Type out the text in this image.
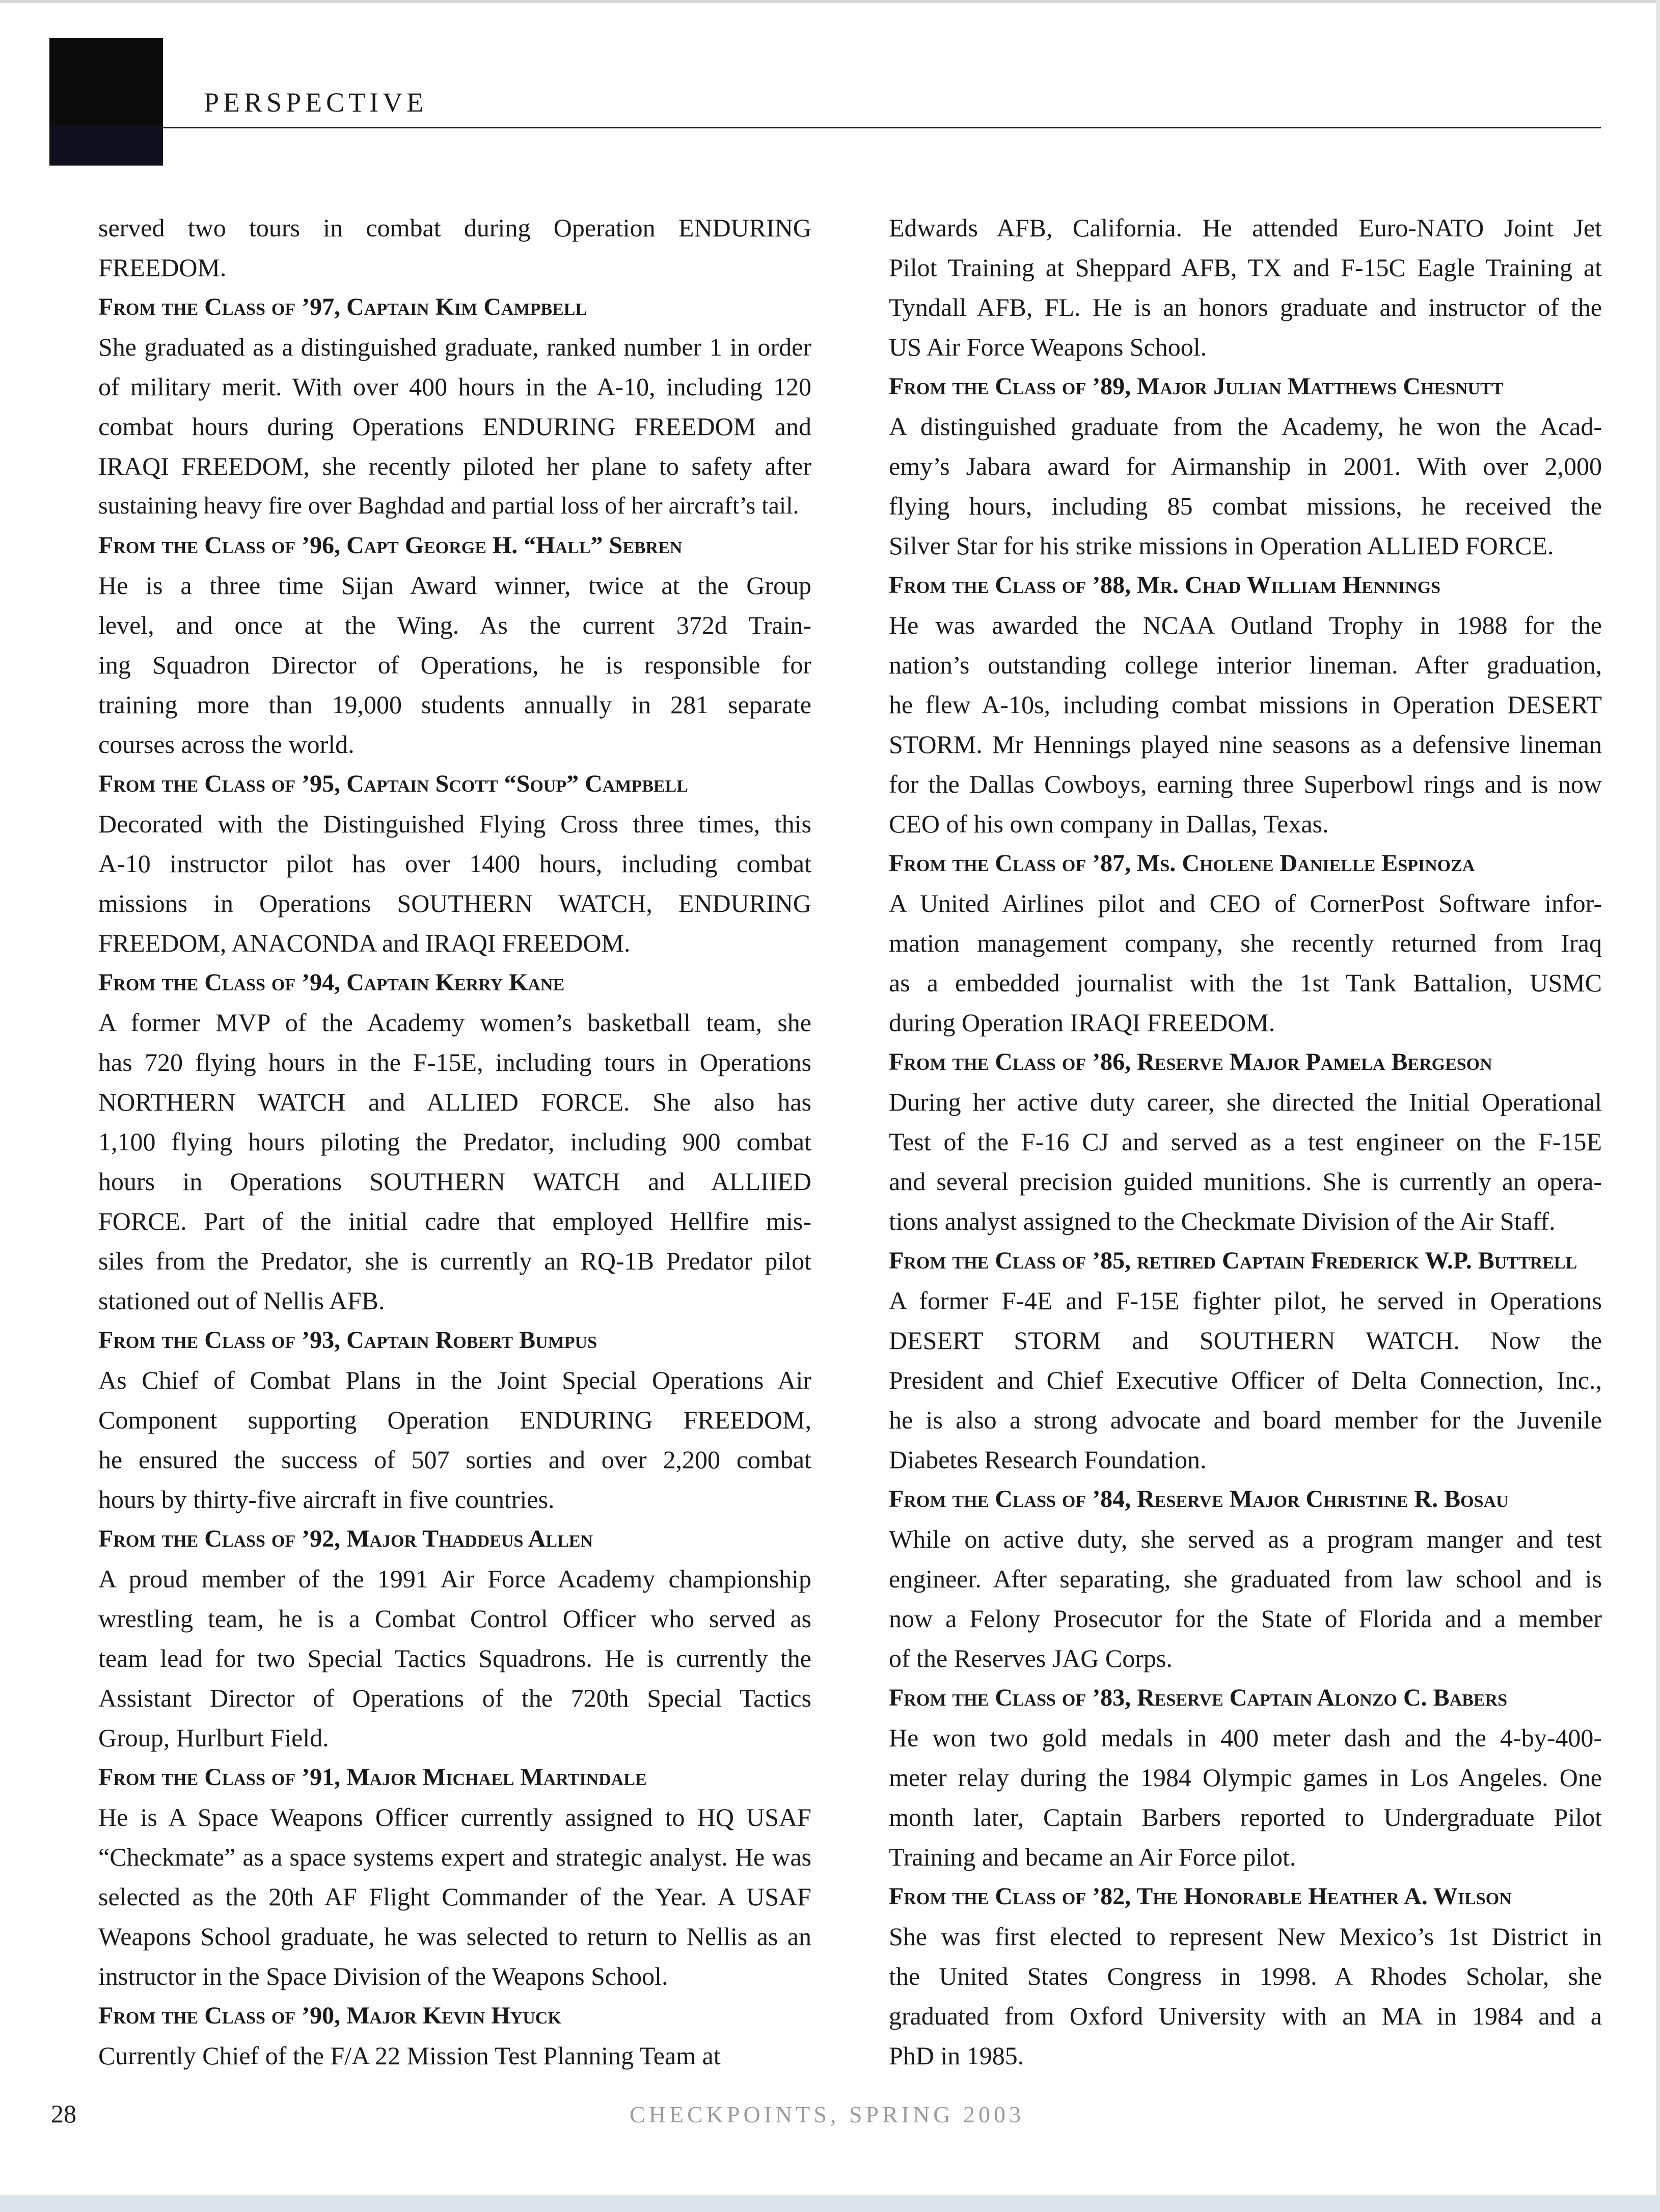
PERSPECTIVE
served two tours in combat during Operation ENDURING
FREEDOM.
From the Class of ’97, Captain Kim Campbell
She graduated as a distinguished graduate, ranked number 1 in order
of military merit. With over 400 hours in the A-10, including 120
combat hours during Operations ENDURING FREEDOM and
IRAQI FREEDOM, she recently piloted her plane to safety after
sustaining heavy fire over Baghdad and partial loss of her aircraft’s tail.
From the Class of ’96, Capt George H. “Hall” Sebren
He is a three time Sijan Award winner, twice at the Group
level, and once at the Wing. As the current 372d Train-
ing Squadron Director of Operations, he is responsible for
training more than 19,000 students annually in 281 separate
courses across the world.
From the Class of ’95, Captain Scott “Soup” Campbell
Decorated with the Distinguished Flying Cross three times, this
A-10 instructor pilot has over 1400 hours, including combat
missions in Operations SOUTHERN WATCH, ENDURING
FREEDOM, ANACONDA and IRAQI FREEDOM.
From the Class of ’94, Captain Kerry Kane
A former MVP of the Academy women’s basketball team, she
has 720 flying hours in the F-15E, including tours in Operations
NORTHERN WATCH and ALLIED FORCE. She also has
1,100 flying hours piloting the Predator, including 900 combat
hours in Operations SOUTHERN WATCH and ALLIIED
FORCE. Part of the initial cadre that employed Hellfire mis-
siles from the Predator, she is currently an RQ-1B Predator pilot
stationed out of Nellis AFB.
From the Class of ’93, Captain Robert Bumpus
As Chief of Combat Plans in the Joint Special Operations Air
Component supporting Operation ENDURING FREEDOM,
he ensured the success of 507 sorties and over 2,200 combat
hours by thirty-five aircraft in five countries.
From the Class of ’92, Major Thaddeus Allen
A proud member of the 1991 Air Force Academy championship
wrestling team, he is a Combat Control Officer who served as
team lead for two Special Tactics Squadrons. He is currently the
Assistant Director of Operations of the 720th Special Tactics
Group, Hurlburt Field.
From the Class of ’91, Major Michael Martindale
He is A Space Weapons Officer currently assigned to HQ USAF
“Checkmate” as a space systems expert and strategic analyst. He was
selected as the 20th AF Flight Commander of the Year. A USAF
Weapons School graduate, he was selected to return to Nellis as an
instructor in the Space Division of the Weapons School.
From the Class of ’90, Major Kevin Hyuck
Currently Chief of the F/A 22 Mission Test Planning Team at
Edwards AFB, California. He attended Euro-NATO Joint Jet
Pilot Training at Sheppard AFB, TX and F-15C Eagle Training at
Tyndall AFB, FL. He is an honors graduate and instructor of the
US Air Force Weapons School.
From the Class of ’89, Major Julian Matthews Chesnutt
A distinguished graduate from the Academy, he won the Acad-
emy’s Jabara award for Airmanship in 2001. With over 2,000
flying hours, including 85 combat missions, he received the
Silver Star for his strike missions in Operation ALLIED FORCE.
From the Class of ’88, Mr. Chad William Hennings
He was awarded the NCAA Outland Trophy in 1988 for the
nation’s outstanding college interior lineman. After graduation,
he flew A-10s, including combat missions in Operation DESERT
STORM. Mr Hennings played nine seasons as a defensive lineman
for the Dallas Cowboys, earning three Superbowl rings and is now
CEO of his own company in Dallas, Texas.
From the Class of ’87, Ms. Cholene Danielle Espinoza
A United Airlines pilot and CEO of CornerPost Software infor-
mation management company, she recently returned from Iraq
as a embedded journalist with the 1st Tank Battalion, USMC
during Operation IRAQI FREEDOM.
From the Class of ’86, Reserve Major Pamela Bergeson
During her active duty career, she directed the Initial Operational
Test of the F-16 CJ and served as a test engineer on the F-15E
and several precision guided munitions. She is currently an opera-
tions analyst assigned to the Checkmate Division of the Air Staff.
From the Class of ’85, retired Captain Frederick W.P. Buttrell
A former F-4E and F-15E fighter pilot, he served in Operations
DESERT STORM and SOUTHERN WATCH. Now the
President and Chief Executive Officer of Delta Connection, Inc.,
he is also a strong advocate and board member for the Juvenile
Diabetes Research Foundation.
From the Class of ’84, Reserve Major Christine R. Bosau
While on active duty, she served as a program manger and test
engineer. After separating, she graduated from law school and is
now a Felony Prosecutor for the State of Florida and a member
of the Reserves JAG Corps.
From the Class of ’83, Reserve Captain Alonzo C. Babers
He won two gold medals in 400 meter dash and the 4-by-400-
meter relay during the 1984 Olympic games in Los Angeles. One
month later, Captain Barbers reported to Undergraduate Pilot
Training and became an Air Force pilot.
From the Class of ’82, The Honorable Heather A. Wilson
She was first elected to represent New Mexico’s 1st District in
the United States Congress in 1998. A Rhodes Scholar, she
graduated from Oxford University with an MA in 1984 and a
PhD in 1985.
28	CHECKPOINTS, SPRING 2003
